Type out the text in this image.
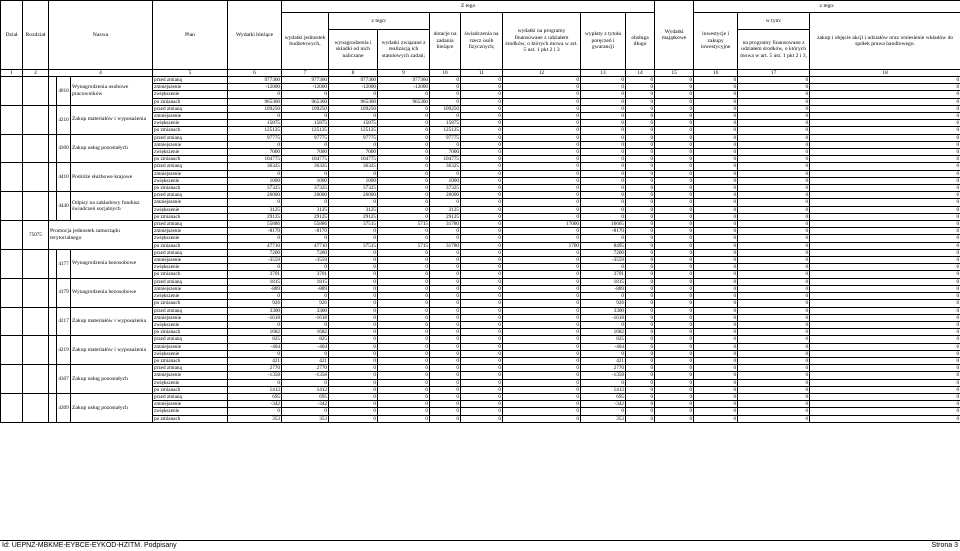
Dział	Rozdział	Nazwa			Plan	Wydatki bieżące	Z tego								Wydatki majątkowe	z tego:		
							wydatki jednostek budżetowych,	z tego:		dotacje na zadania bieżące	świadczenia na rzecz osób fizycznych;	wydatki na programy finansowane z udziałem środków, o których mowa w art. 5 ust. 1 pkt 2 i 3	wypłaty z tytułu poręczeń i gwarancji	obsługa długu		inwestycje i zakupy inwestycyjne	w tym:	zakup i objęcie akcji i udziałów oraz wniesienie wkładów do spółek prawa handlowego.
								wynagrodzenia i składki od nich naliczane	wydatki związane z realizacją ich statutowych zadań;								na programy finansowane z udziałem środków, o których mowa w art. 5 ust. 1 pkt 2 i 3,	
1	2	4			5	6	7	8	9	10	11	12	13	14	15	16	17	18
			4010	Wynagrodzenia osobowe pracowników	przed zmianą	977360	977360	977360	977360	0	0	0	0	0	0	0	0	0
					zmniejszenie	-12000	-12000	-12000	-12000	0	0	0	0	0	0	0	0	0
					zwiększenie	0	0	0	0	0	0	0	0	0	0	0	0	0
					po zmianach	965360	965360	965360	965360	0	0	0	0	0	0	0	0	0
			4210	Zakup materiałów i wyposażenia	przed zmianą	109250	109250	109250	0	109250	0	0	0	0	0	0	0	0
					zmniejszenie	0	0	0	0	0	0	0	0	0	0	0	0	0
					zwiększenie	15875	15875	15875	0	15875	0	0	0	0	0	0	0	0
					po zmianach	125125	125125	125125	0	125125	0	0	0	0	0	0	0	0
			4300	Zakup usług pozostałych	przed zmianą	97775	97775	97775	0	97775	0	0	0	0	0	0	0	0
					zmniejszenie	0	0	0	0	0	0	0	0	0	0	0	0	0
					zwiększenie	7000	7000	7000	0	7000	0	0	0	0	0	0	0	0
					po zmianach	104775	104775	104775	0	104775	0	0	0	0	0	0	0	0
			4410	Podróże służbowe krajowe	przed zmianą	36325	36325	36325	0	36325	0	0	0	0	0	0	0	0
					zmniejszenie	0	0	0	0	0	0	0	0	0	0	0	0	0
					zwiększenie	1000	1000	1000	0	1000	0	0	0	0	0	0	0	0
					po zmianach	37325	37325	37325	0	37325	0	0	0	0	0	0	0	0
			4440	Odpisy na zakładowy fundusz świadczeń socjalnych	przed zmianą	26000	26000	26000	0	26000	0	0	0	0	0	0	0	0
					zmniejszenie	0	0	0	0	0	0	0	0	0	0	0	0	0
					zwiększenie	3125	3125	3125	0	3125	0	0	0	0	0	0	0	0
					po zmianach	29125	29125	29125	0	29125	0	0	0	0	0	0	0	0
	75075	Promocja jednostek samorządu terytorialnego			przed zmianą	55886	55886	37515	5715	31780	0	17000	16665	0	0	0	0	0
					zmniejszenie	-8170	-8170	0	0	0	0	0	-8170	0	0	0	0	0
					zwiększenie	0	0	0	0	0	0	0	0	0	0	0	0	0
					po zmianach	47710	47710	37515	5715	31780	0	1700	8495	0	0	0	0	0
			4177	Wynagrodzenia bezosobowe	przed zmianą	7260	7260	0	0	0	0	0	7260	0	0	0	0	0
					zmniejszenie	-3559	-3559	0	0	0	0	0	-3559	0	0	0	0	0
					zwiększenie	0	0	0	0	0	0	0	0	0	0	0	0	0
					po zmianach	3701	3701	0	0	0	0	0	3701	0	0	0	0	0
			4179	Wynagrodzenia bezosobowe	przed zmianą	1815	1815	0	0	0	0	0	1815	0	0	0	0	0
					zmniejszenie	-889	-889	0	0	0	0	0	-889	0	0	0	0	0
					zwiększenie	0	0	0	0	0	0	0	0	0	0	0	0	0
					po zmianach	926	926	0	0	0	0	0	926	0	0	0	0	0
			4217	Zakup materiałów i wyposażenia	przed zmianą	3300	3300	0	0	0	0	0	3300	0	0	0	0	0
					zmniejszenie	-1618	-1618	0	0	0	0	0	-1618	0	0	0	0	0
					zwiększenie	0	0	0	0	0	0	0	0	0	0	0	0	0
					po zmianach	1682	1682	0	0	0	0	0	1682	0	0	0	0	0
			4219	Zakup materiałów i wyposażenia	przed zmianą	825	825	0	0	0	0	0	825	0	0	0	0	0
					zmniejszenie	-404	-404	0	0	0	0	0	-404	0	0	0	0	0
					zwiększenie	0	0	0	0	0	0	0	0	0	0	0	0	0
					po zmianach	421	421	0	0	0	0	0	421	0	0	0	0	0
			4307	Zakup usług pozostałych	przed zmianą	2770	2770	0	0	0	0	0	2770	0	0	0	0	0
					zmniejszenie	-1358	-1358	0	0	0	0	0	-1358	0	0	0	0	0
					zwiększenie	0	0	0	0	0	0	0	0	0	0	0	0	0
					po zmianach	1412	1412	0	0	0	0	0	1412	0	0	0	0	0
			4309	Zakup usług pozostałych	przed zmianą	695	695	0	0	0	0	0	695	0	0	0	0	0
					zmniejszenie	-342	-342	0	0	0	0	0	-342	0	0	0	0	0
					zwiększenie	0	0	0	0	0	0	0	0	0	0	0	0	0
					po zmianach	353	353	0	0	0	0	0	353	0	0	0	0	0
Id: UEPNZ-MBKME-EYBCE-EYKOD-HZITM. Podpisany	Strona 3
